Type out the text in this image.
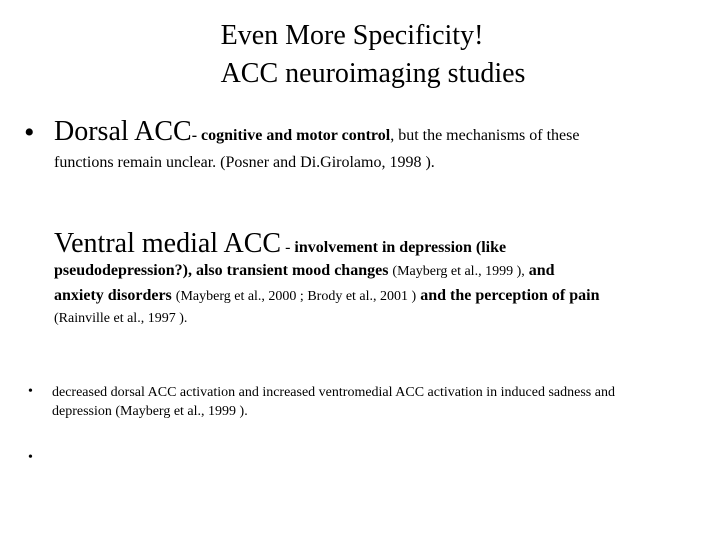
Even More Specificity!
ACC neuroimaging studies
• Dorsal ACC- cognitive and motor control, but the mechanisms of these
functions remain unclear. (Posner and Di.Girolamo, 1998 ).
Ventral medial ACC - involvement in depression (like
pseudodepression?), also transient mood changes (Mayberg et al., 1999 ), and
anxiety disorders (Mayberg et al., 2000 ; Brody et al., 2001 ) and the perception of pain
(Rainville et al., 1997 ).
• decreased dorsal ACC activation and increased ventromedial ACC activation in induced sadness and
depression (Mayberg et al., 1999 ).
•
